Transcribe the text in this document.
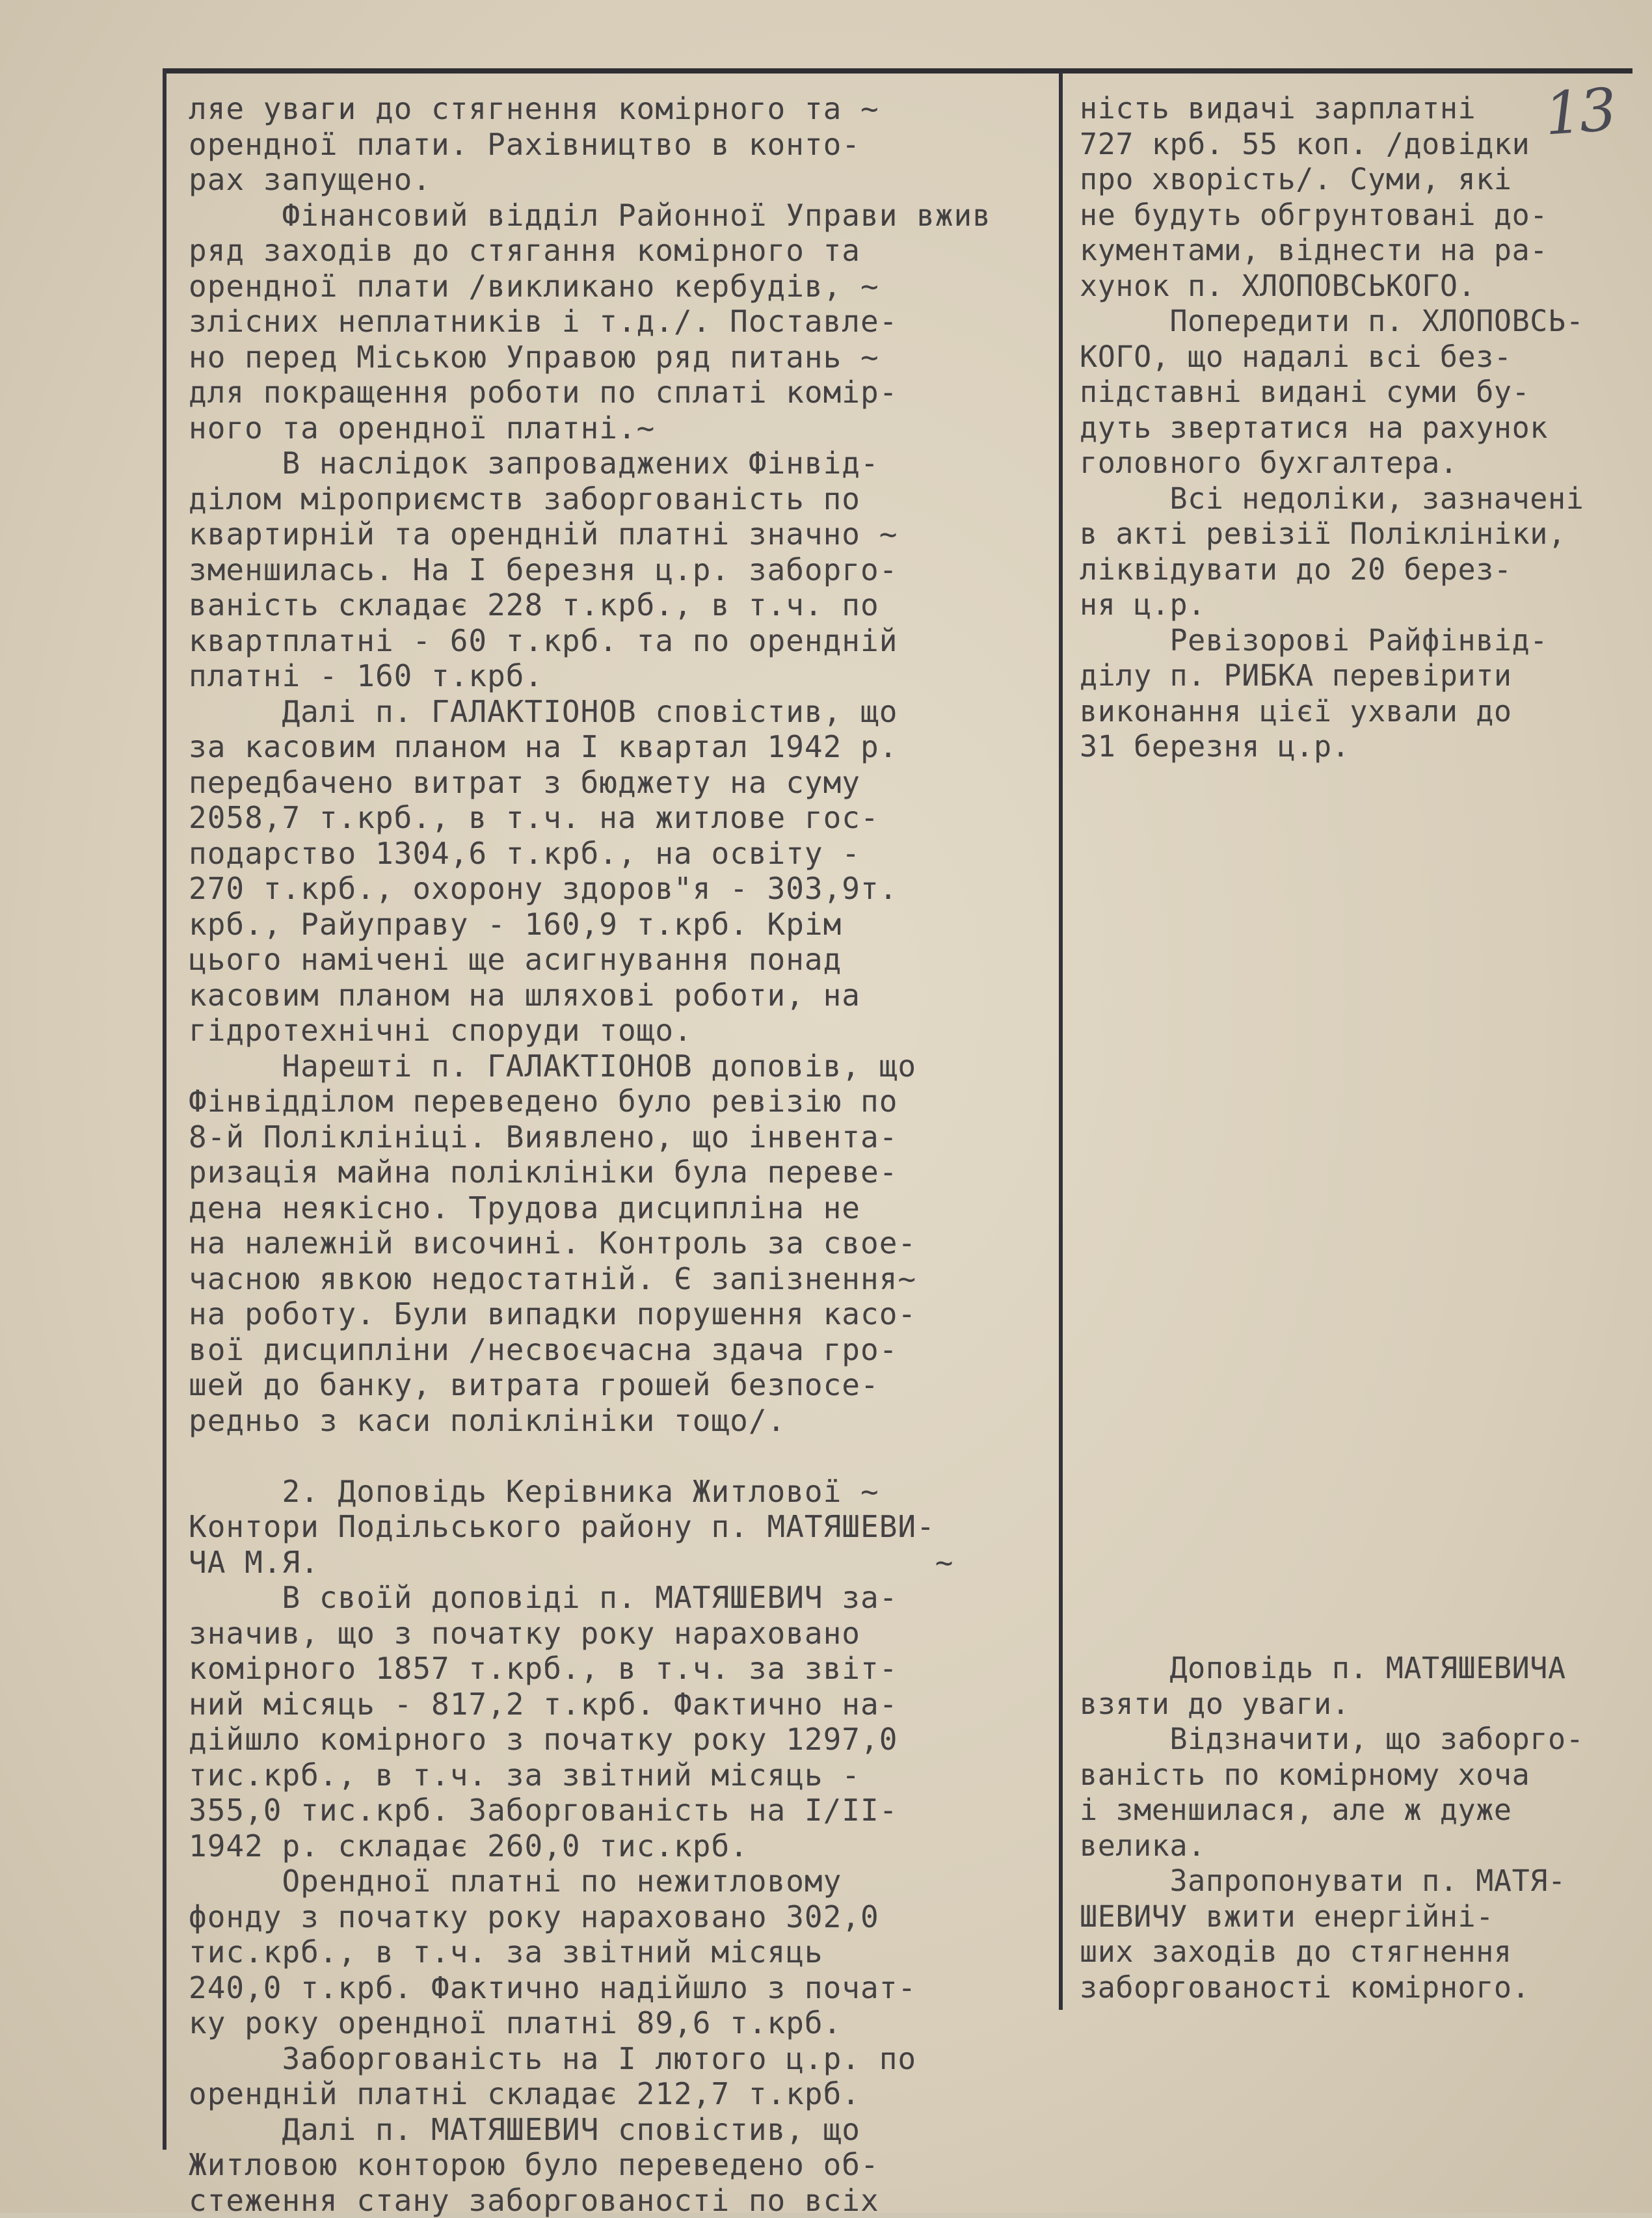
13
ляе уваги до стягнення комірного та ~
орендної плати. Рахівництво в конто-
рах запущено.
Фінансовий відділ Районної Управи вжив
ряд заходів до стягання комірного та
орендної плати /викликано кербудів, ~
злісних неплатників і т.д./. Поставле-
но перед Міською Управою ряд питань ~
для покращення роботи по сплаті комір-
ного та орендної платні.~
В наслідок запроваджених Фінвід-
ділом міроприємств заборгованість по
квартирній та орендній платні значно ~
зменшилась. На I березня ц.р. заборго-
ваність складає 228 т.крб., в т.ч. по
квартплатні - 60 т.крб. та по орендній
платні - 160 т.крб.
Далі п. ГАЛАКТІОНОВ сповістив, що
за касовим планом на I квартал 1942 р.
передбачено витрат з бюджету на суму
2058,7 т.крб., в т.ч. на житлове гос-
подарство 1304,6 т.крб., на освіту -
270 т.крб., охорону здоров"я - 303,9т.
крб., Райуправу - 160,9 т.крб. Крім
цього намічені ще асигнування понад
касовим планом на шляхові роботи, на
гідротехнічні споруди тощо.
Нарешті п. ГАЛАКТІОНОВ доповів, що
Фінвідділом переведено було ревізію по
8-й Поліклініці. Виявлено, що інвента-
ризація майна поліклініки була переве-
дена неякісно. Трудова дисципліна не
на належній височині. Контроль за свое-
часною явкою недостатній. Є запізнення~
на роботу. Були випадки порушення касо-
вої дисципліни /несвоєчасна здача гро-
шей до банку, витрата грошей безпосе-
редньо з каси поліклініки тощо/.
2. Доповідь Керівника Житлової ~
Контори Подільського району п. МАТЯШЕВИ-
ЧА М.Я.                                 ~
В своїй доповіді п. МАТЯШЕВИЧ за-
значив, що з початку року нараховано
комірного 1857 т.крб., в т.ч. за звіт-
ний місяць - 817,2 т.крб. Фактично на-
дійшло комірного з початку року 1297,0
тис.крб., в т.ч. за звітний місяць -
355,0 тис.крб. Заборгованість на I/II-
1942 р. складає 260,0 тис.крб.
Орендної платні по нежитловому
фонду з початку року нараховано 302,0
тис.крб., в т.ч. за звітний місяць
240,0 т.крб. Фактично надійшло з почат-
ку року орендної платні 89,6 т.крб.
Заборгованість на I лютого ц.р. по
орендній платні складає 212,7 т.крб.
Далі п. МАТЯШЕВИЧ сповістив, що
Житловою конторою було переведено об-
стеження стану заборгованості по всіх
ність видачі зарплатні
727 крб. 55 коп. /довідки
про хворість/. Суми, які
не будуть обгрунтовані до-
кументами, віднести на ра-
хунок п. ХЛОПОВСЬКОГО.
Попередити п. ХЛОПОВСЬ-
КОГО, що надалі всі без-
підставні видані суми бу-
дуть звертатися на рахунок
головного бухгалтера.
Всі недоліки, зазначені
в акті ревізії Поліклініки,
ліквідувати до 20 берез-
ня ц.р.
Ревізорові Райфінвід-
ділу п. РИБКА перевірити
виконання цієї ухвали до
31 березня ц.р.
Доповідь п. МАТЯШЕВИЧА
взяти до уваги.
Відзначити, що заборго-
ваність по комірному хоча
і зменшилася, але ж дуже
велика.
Запропонувати п. МАТЯ-
ШЕВИЧУ вжити енергійні-
ших заходів до стягнення
заборгованості комірного.
